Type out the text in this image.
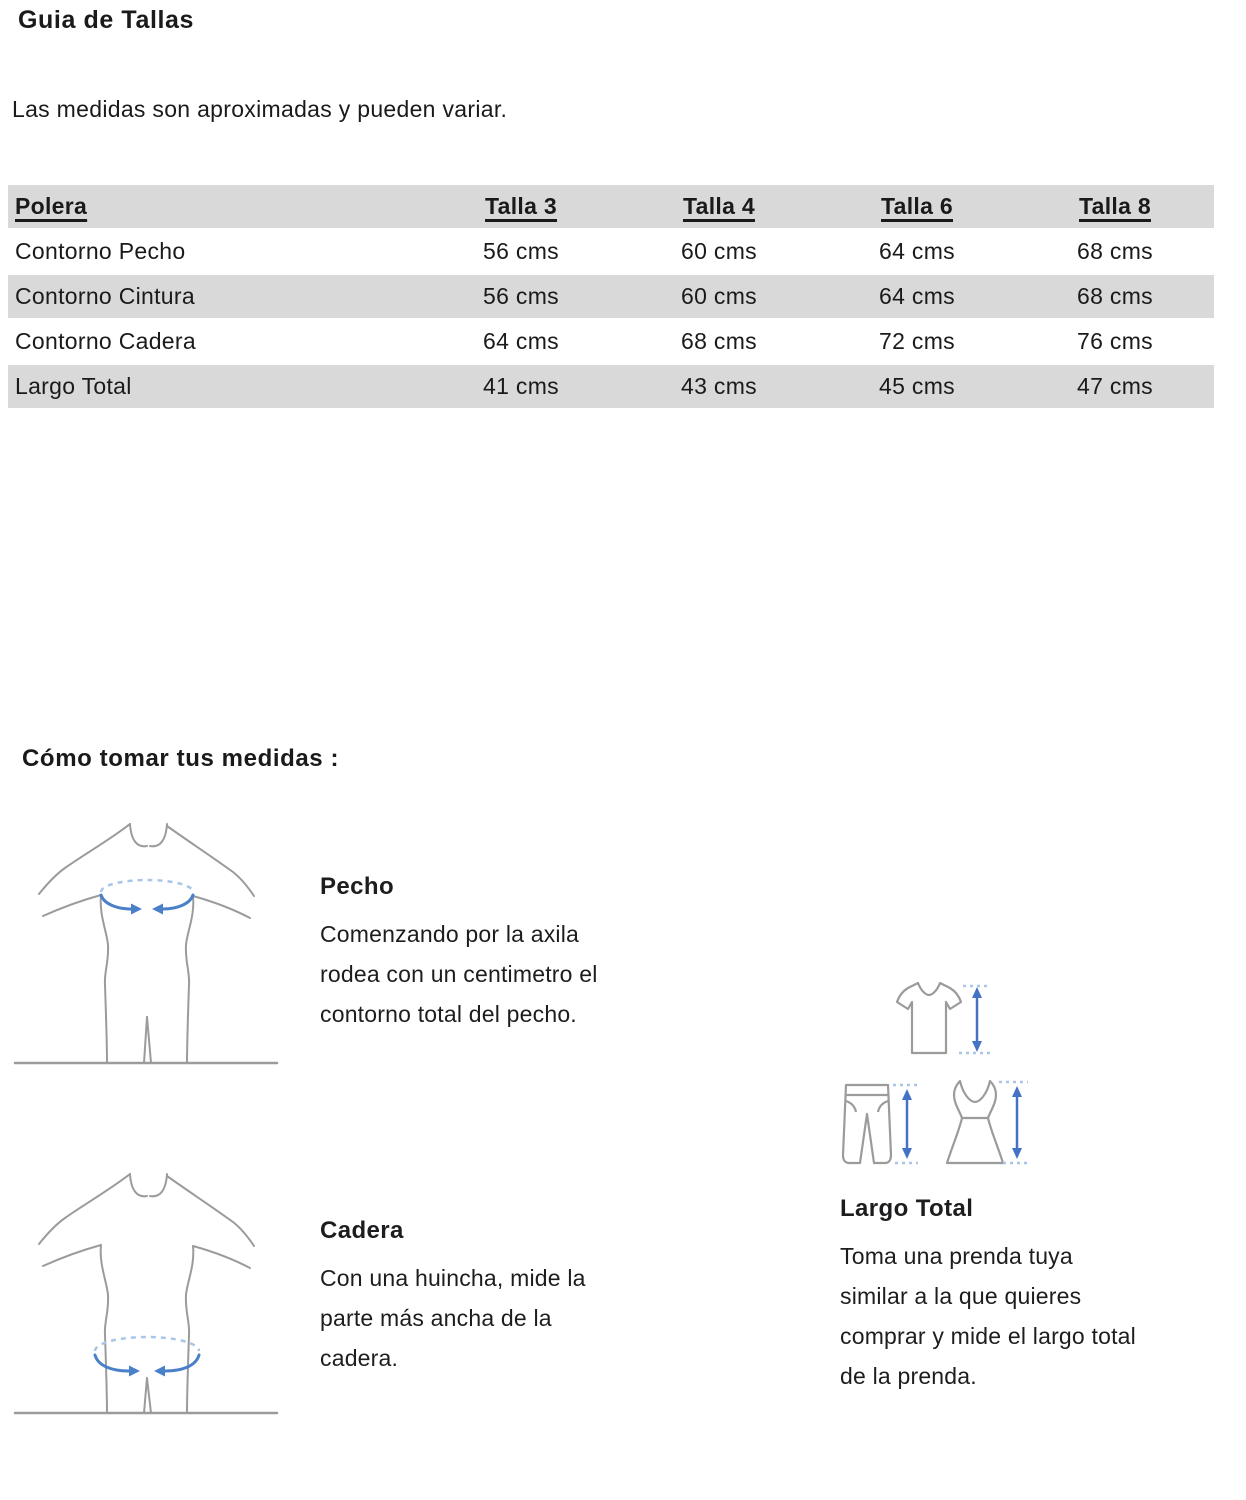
Guia de Tallas

Las medidas son aproximadas y pueden variar.

Polera	Talla 3	Talla 4	Talla 6	Talla 8
Contorno Pecho	56 cms	60 cms	64 cms	68 cms
Contorno Cintura	56 cms	60 cms	64 cms	68 cms
Contorno Cadera	64 cms	68 cms	72 cms	76 cms
Largo Total	41 cms	43 cms	45 cms	47 cms
Cómo tomar tus medidas :
Pecho
Comenzando por la axila
rodea con un centimetro el
contorno total del pecho.
Cadera
Con una huincha, mide la
parte más ancha de la
cadera.
Largo Total
Toma una prenda tuya
similar a la que quieres
comprar y mide el largo total
de la prenda.
